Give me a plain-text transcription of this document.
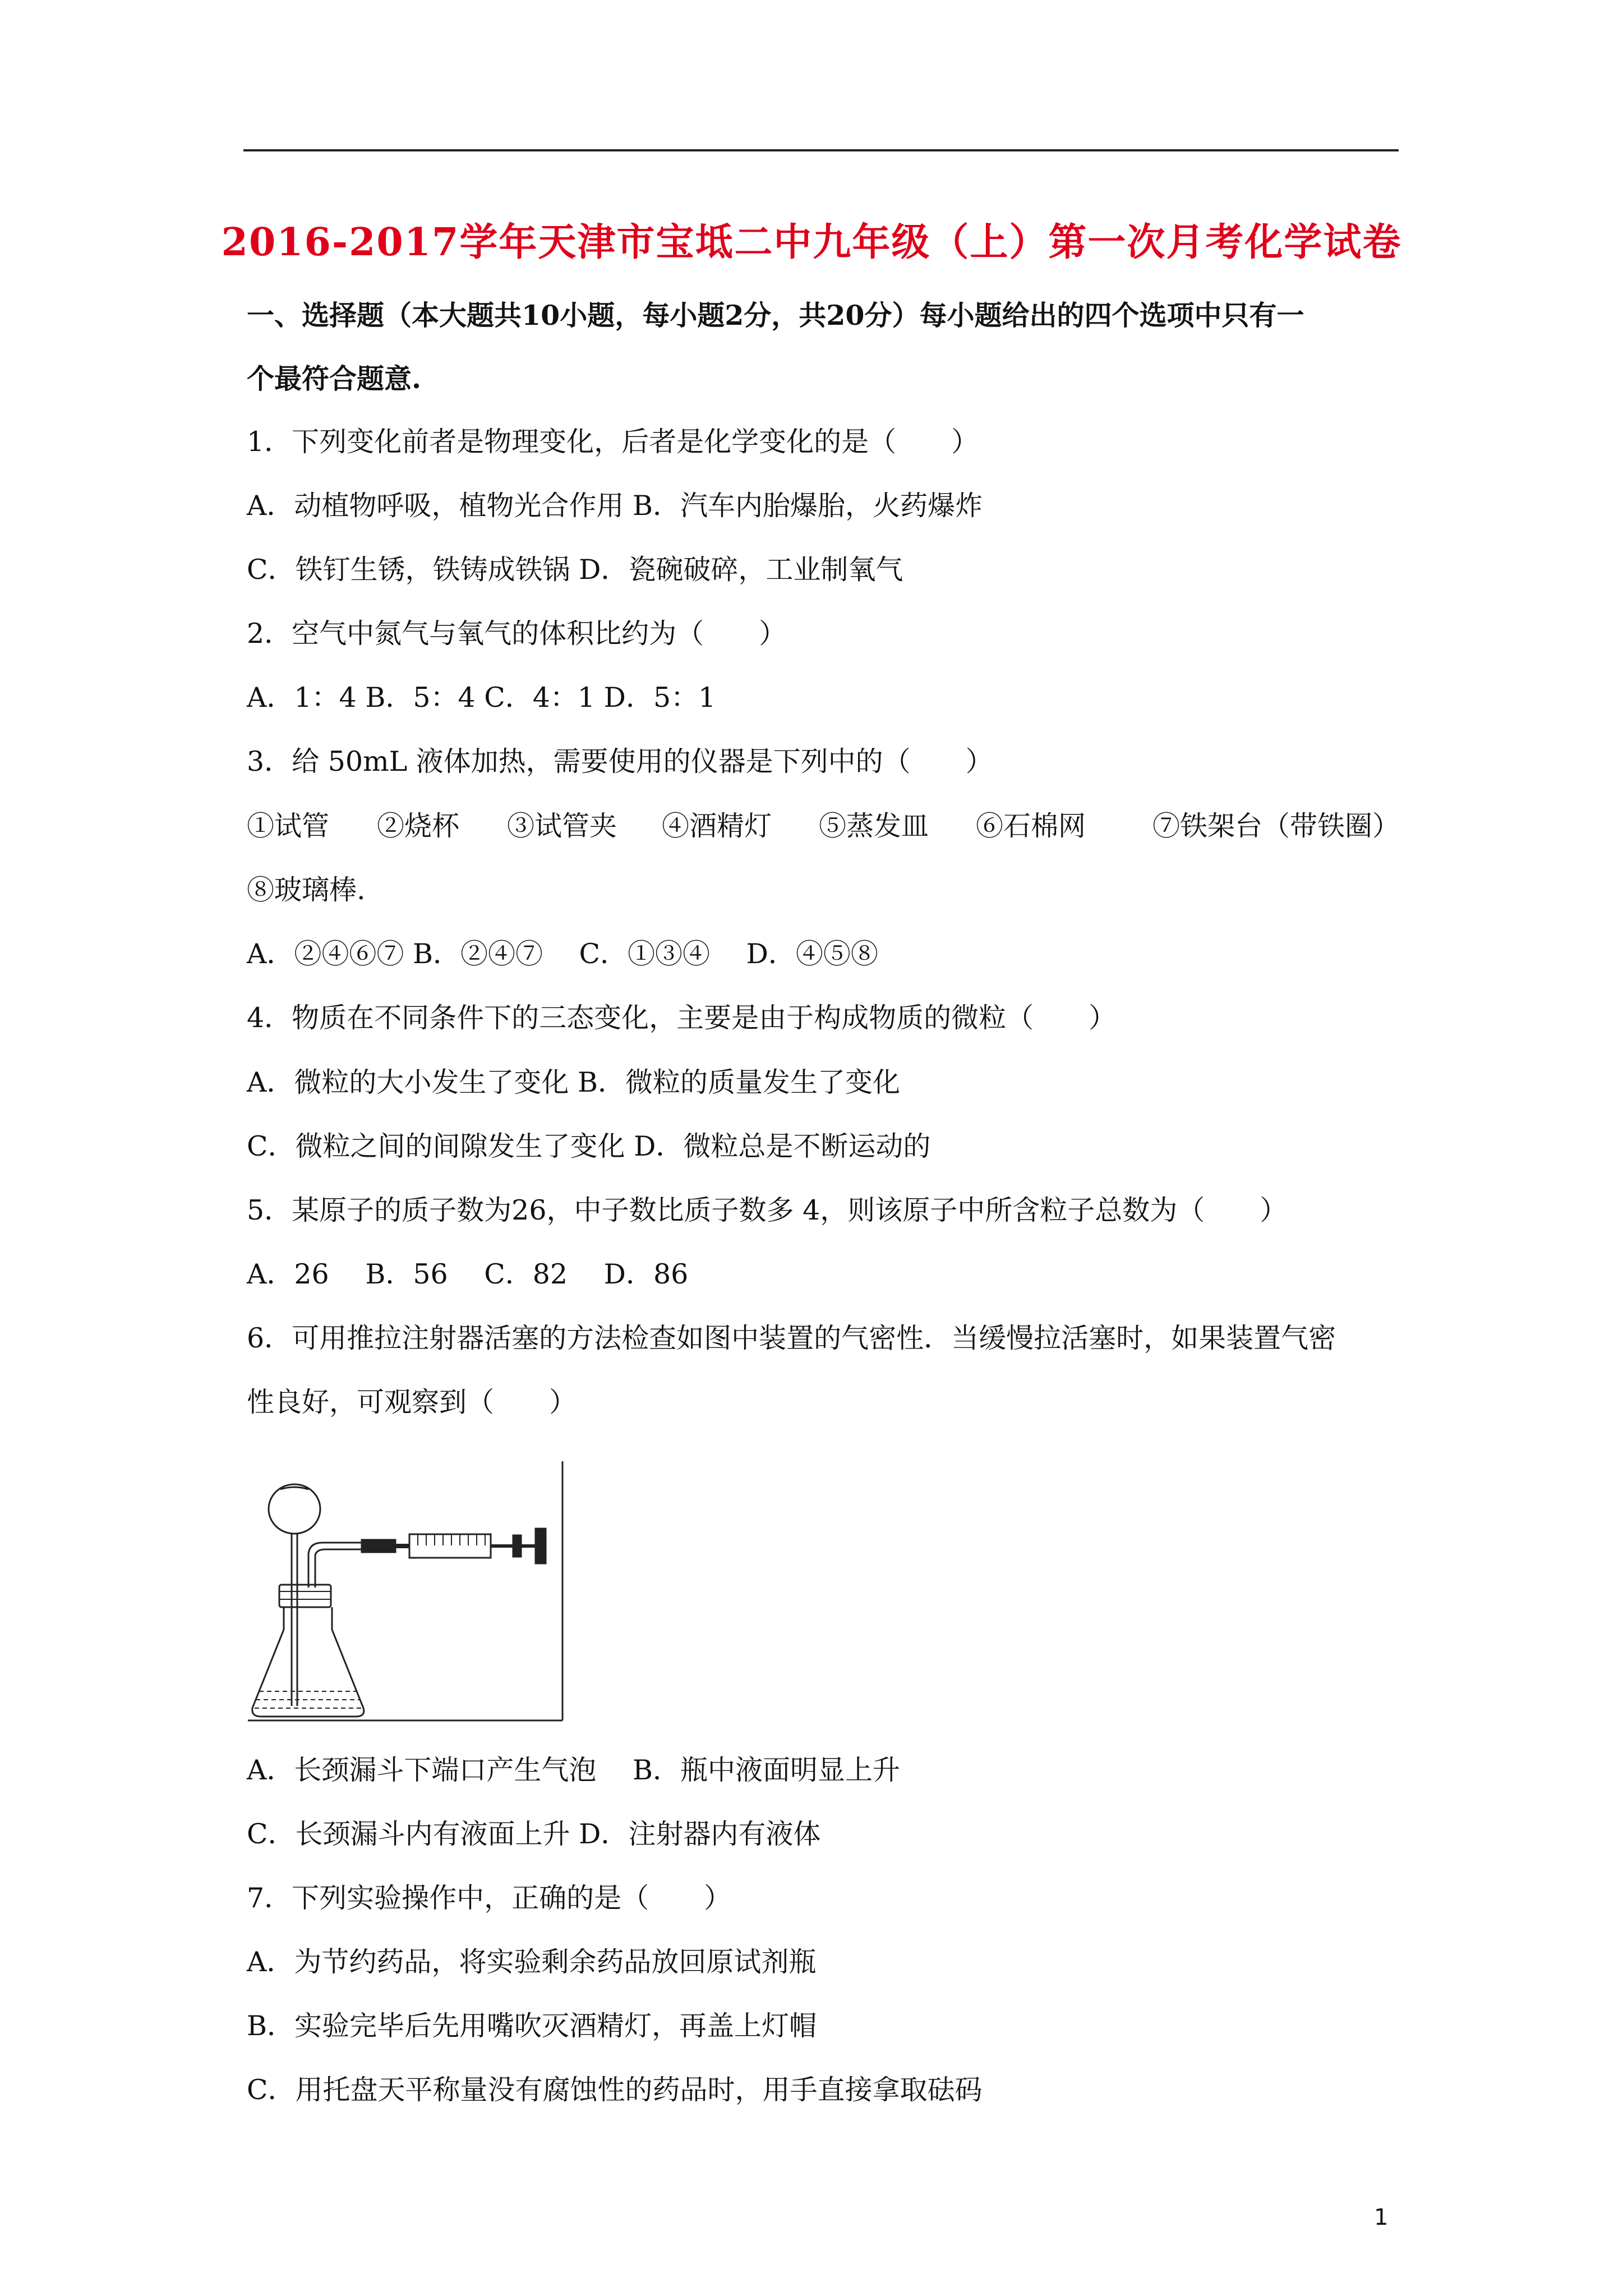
2016-2017学年天津市宝坻二中九年级（上）第一次月考化学试卷
一、选择题（本大题共10小题，每小题2分，共20分）每小题给出的四个选项中只有一
个最符合题意.
1．下列变化前者是物理变化，后者是化学变化的是（　　）
A．动植物呼吸，植物光合作用 B．汽车内胎爆胎，火药爆炸
C．铁钉生锈，铁铸成铁锅 D．瓷碗破碎，工业制氧气
2．空气中氮气与氧气的体积比约为（　　）
A．1：4 B．5：4 C．4：1 D．5：1
3．给 50mL 液体加热，需要使用的仪器是下列中的（　　）
①试管 ②烧杯 ③试管夹 ④酒精灯 ⑤蒸发皿 ⑥石棉网 ⑦铁架台（带铁圈）
⑧玻璃棒.
A．②④⑥⑦ B．②④⑦　 C．①③④　 D．④⑤⑧
4．物质在不同条件下的三态变化，主要是由于构成物质的微粒（　　）
A．微粒的大小发生了变化 B．微粒的质量发生了变化
C．微粒之间的间隙发生了变化 D．微粒总是不断运动的
5．某原子的质子数为26，中子数比质子数多 4，则该原子中所含粒子总数为（　　）
A．26　 B．56　 C．82　 D．86
6．可用推拉注射器活塞的方法检查如图中装置的气密性．当缓慢拉活塞时，如果装置气密
性良好，可观察到（　　）
A．长颈漏斗下端口产生气泡　 B．瓶中液面明显上升
C．长颈漏斗内有液面上升 D．注射器内有液体
7．下列实验操作中，正确的是（　　）
A．为节约药品，将实验剩余药品放回原试剂瓶
B．实验完毕后先用嘴吹灭酒精灯，再盖上灯帽
C．用托盘天平称量没有腐蚀性的药品时，用手直接拿取砝码
1
